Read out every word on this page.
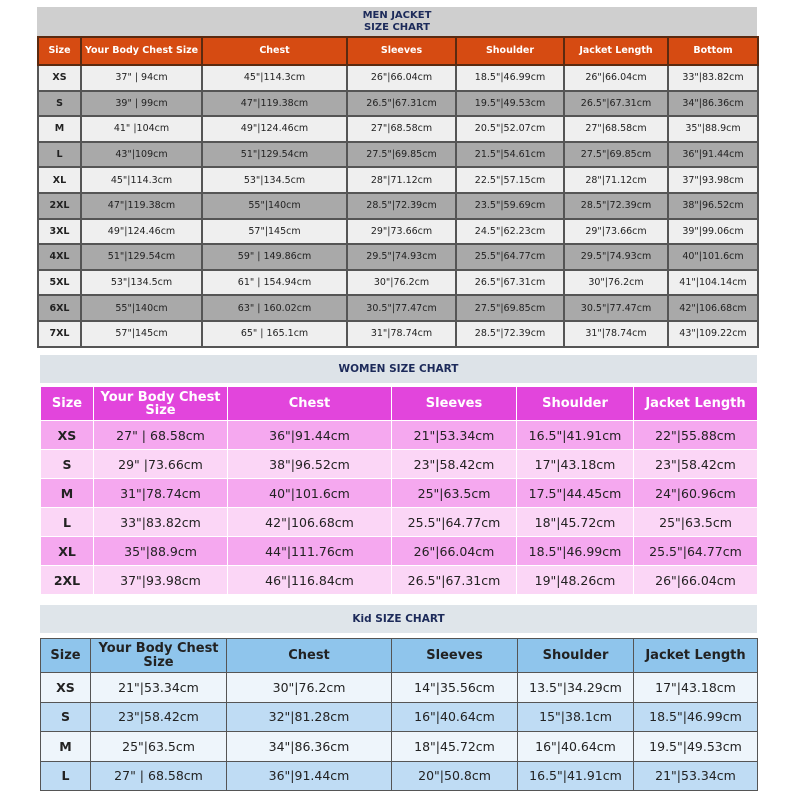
MEN JACKET
SIZE CHART
Size	Your Body Chest Size	Chest	Sleeves	Shoulder	Jacket Length	Bottom
XS	37" | 94cm	45"|114.3cm	26"|66.04cm	18.5"|46.99cm	26"|66.04cm	33"|83.82cm
S	39" | 99cm	47"|119.38cm	26.5"|67.31cm	19.5"|49.53cm	26.5"|67.31cm	34"|86.36cm
M	41" |104cm	49"|124.46cm	27"|68.58cm	20.5"|52.07cm	27"|68.58cm	35"|88.9cm
L	43"|109cm	51"|129.54cm	27.5"|69.85cm	21.5"|54.61cm	27.5"|69.85cm	36"|91.44cm
XL	45"|114.3cm	53"|134.5cm	28"|71.12cm	22.5"|57.15cm	28"|71.12cm	37"|93.98cm
2XL	47"|119.38cm	55"|140cm	28.5"|72.39cm	23.5"|59.69cm	28.5"|72.39cm	38"|96.52cm
3XL	49"|124.46cm	57"|145cm	29"|73.66cm	24.5"|62.23cm	29"|73.66cm	39"|99.06cm
4XL	51"|129.54cm	59" | 149.86cm	29.5"|74.93cm	25.5"|64.77cm	29.5"|74.93cm	40"|101.6cm
5XL	53"|134.5cm	61" | 154.94cm	30"|76.2cm	26.5"|67.31cm	30"|76.2cm	41"|104.14cm
6XL	55"|140cm	63" | 160.02cm	30.5"|77.47cm	27.5"|69.85cm	30.5"|77.47cm	42"|106.68cm
7XL	57"|145cm	65" | 165.1cm	31"|78.74cm	28.5"|72.39cm	31"|78.74cm	43"|109.22cm
WOMEN SIZE CHART
Size	Your Body Chest Size	Chest	Sleeves	Shoulder	Jacket Length
XS	27" | 68.58cm	36"|91.44cm	21"|53.34cm	16.5"|41.91cm	22"|55.88cm
S	29" |73.66cm	38"|96.52cm	23"|58.42cm	17"|43.18cm	23"|58.42cm
M	31"|78.74cm	40"|101.6cm	25"|63.5cm	17.5"|44.45cm	24"|60.96cm
L	33"|83.82cm	42"|106.68cm	25.5"|64.77cm	18"|45.72cm	25"|63.5cm
XL	35"|88.9cm	44"|111.76cm	26"|66.04cm	18.5"|46.99cm	25.5"|64.77cm
2XL	37"|93.98cm	46"|116.84cm	26.5"|67.31cm	19"|48.26cm	26"|66.04cm
Kid SIZE CHART
Size	Your Body Chest Size	Chest	Sleeves	Shoulder	Jacket Length
XS	21"|53.34cm	30"|76.2cm	14"|35.56cm	13.5"|34.29cm	17"|43.18cm
S	23"|58.42cm	32"|81.28cm	16"|40.64cm	15"|38.1cm	18.5"|46.99cm
M	25"|63.5cm	34"|86.36cm	18"|45.72cm	16"|40.64cm	19.5"|49.53cm
L	27" | 68.58cm	36"|91.44cm	20"|50.8cm	16.5"|41.91cm	21"|53.34cm
